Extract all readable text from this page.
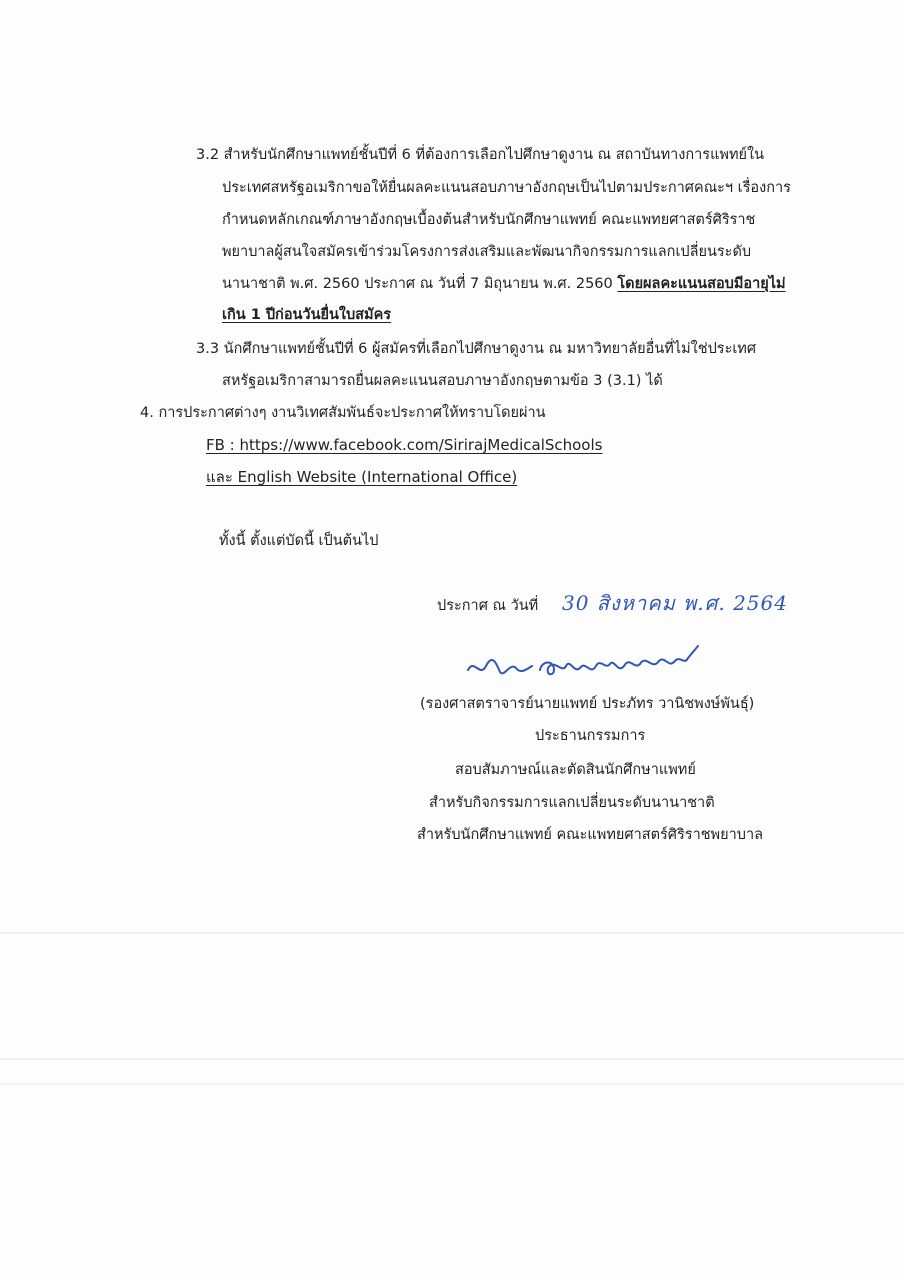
3.2 สำหรับนักศึกษาแพทย์ชั้นปีที่ 6 ที่ต้องการเลือกไปศึกษาดูงาน ณ สถาบันทางการแพทย์ใน
ประเทศสหรัฐอเมริกาขอให้ยื่นผลคะแนนสอบภาษาอังกฤษเป็นไปตามประกาศคณะฯ เรื่องการ
กำหนดหลักเกณฑ์ภาษาอังกฤษเบื้องต้นสำหรับนักศึกษาแพทย์ คณะแพทยศาสตร์ศิริราช
พยาบาลผู้สนใจสมัครเข้าร่วมโครงการส่งเสริมและพัฒนากิจกรรมการแลกเปลี่ยนระดับ
นานาชาติ พ.ศ. 2560 ประกาศ ณ วันที่ 7 มิถุนายน พ.ศ. 2560 โดยผลคะแนนสอบมีอายุไม่
เกิน 1 ปีก่อนวันยื่นใบสมัคร
3.3 นักศึกษาแพทย์ชั้นปีที่ 6 ผู้สมัครที่เลือกไปศึกษาดูงาน ณ มหาวิทยาลัยอื่นที่ไม่ใช่ประเทศ
สหรัฐอเมริกาสามารถยื่นผลคะแนนสอบภาษาอังกฤษตามข้อ 3 (3.1) ได้
4. การประกาศต่างๆ งานวิเทศสัมพันธ์จะประกาศให้ทราบโดยผ่าน
FB : https://www.facebook.com/SirirajMedicalSchools
และ English Website (International Office)
ทั้งนี้ ตั้งแต่บัดนี้ เป็นต้นไป
ประกาศ ณ วันที่ 30 สิงหาคม พ.ศ. 2564
(รองศาสตราจารย์นายแพทย์ ประภัทร วานิชพงษ์พันธุ์)
ประธานกรรมการ
สอบสัมภาษณ์และตัดสินนักศึกษาแพทย์
สำหรับกิจกรรมการแลกเปลี่ยนระดับนานาชาติ
สำหรับนักศึกษาแพทย์ คณะแพทยศาสตร์ศิริราชพยาบาล
